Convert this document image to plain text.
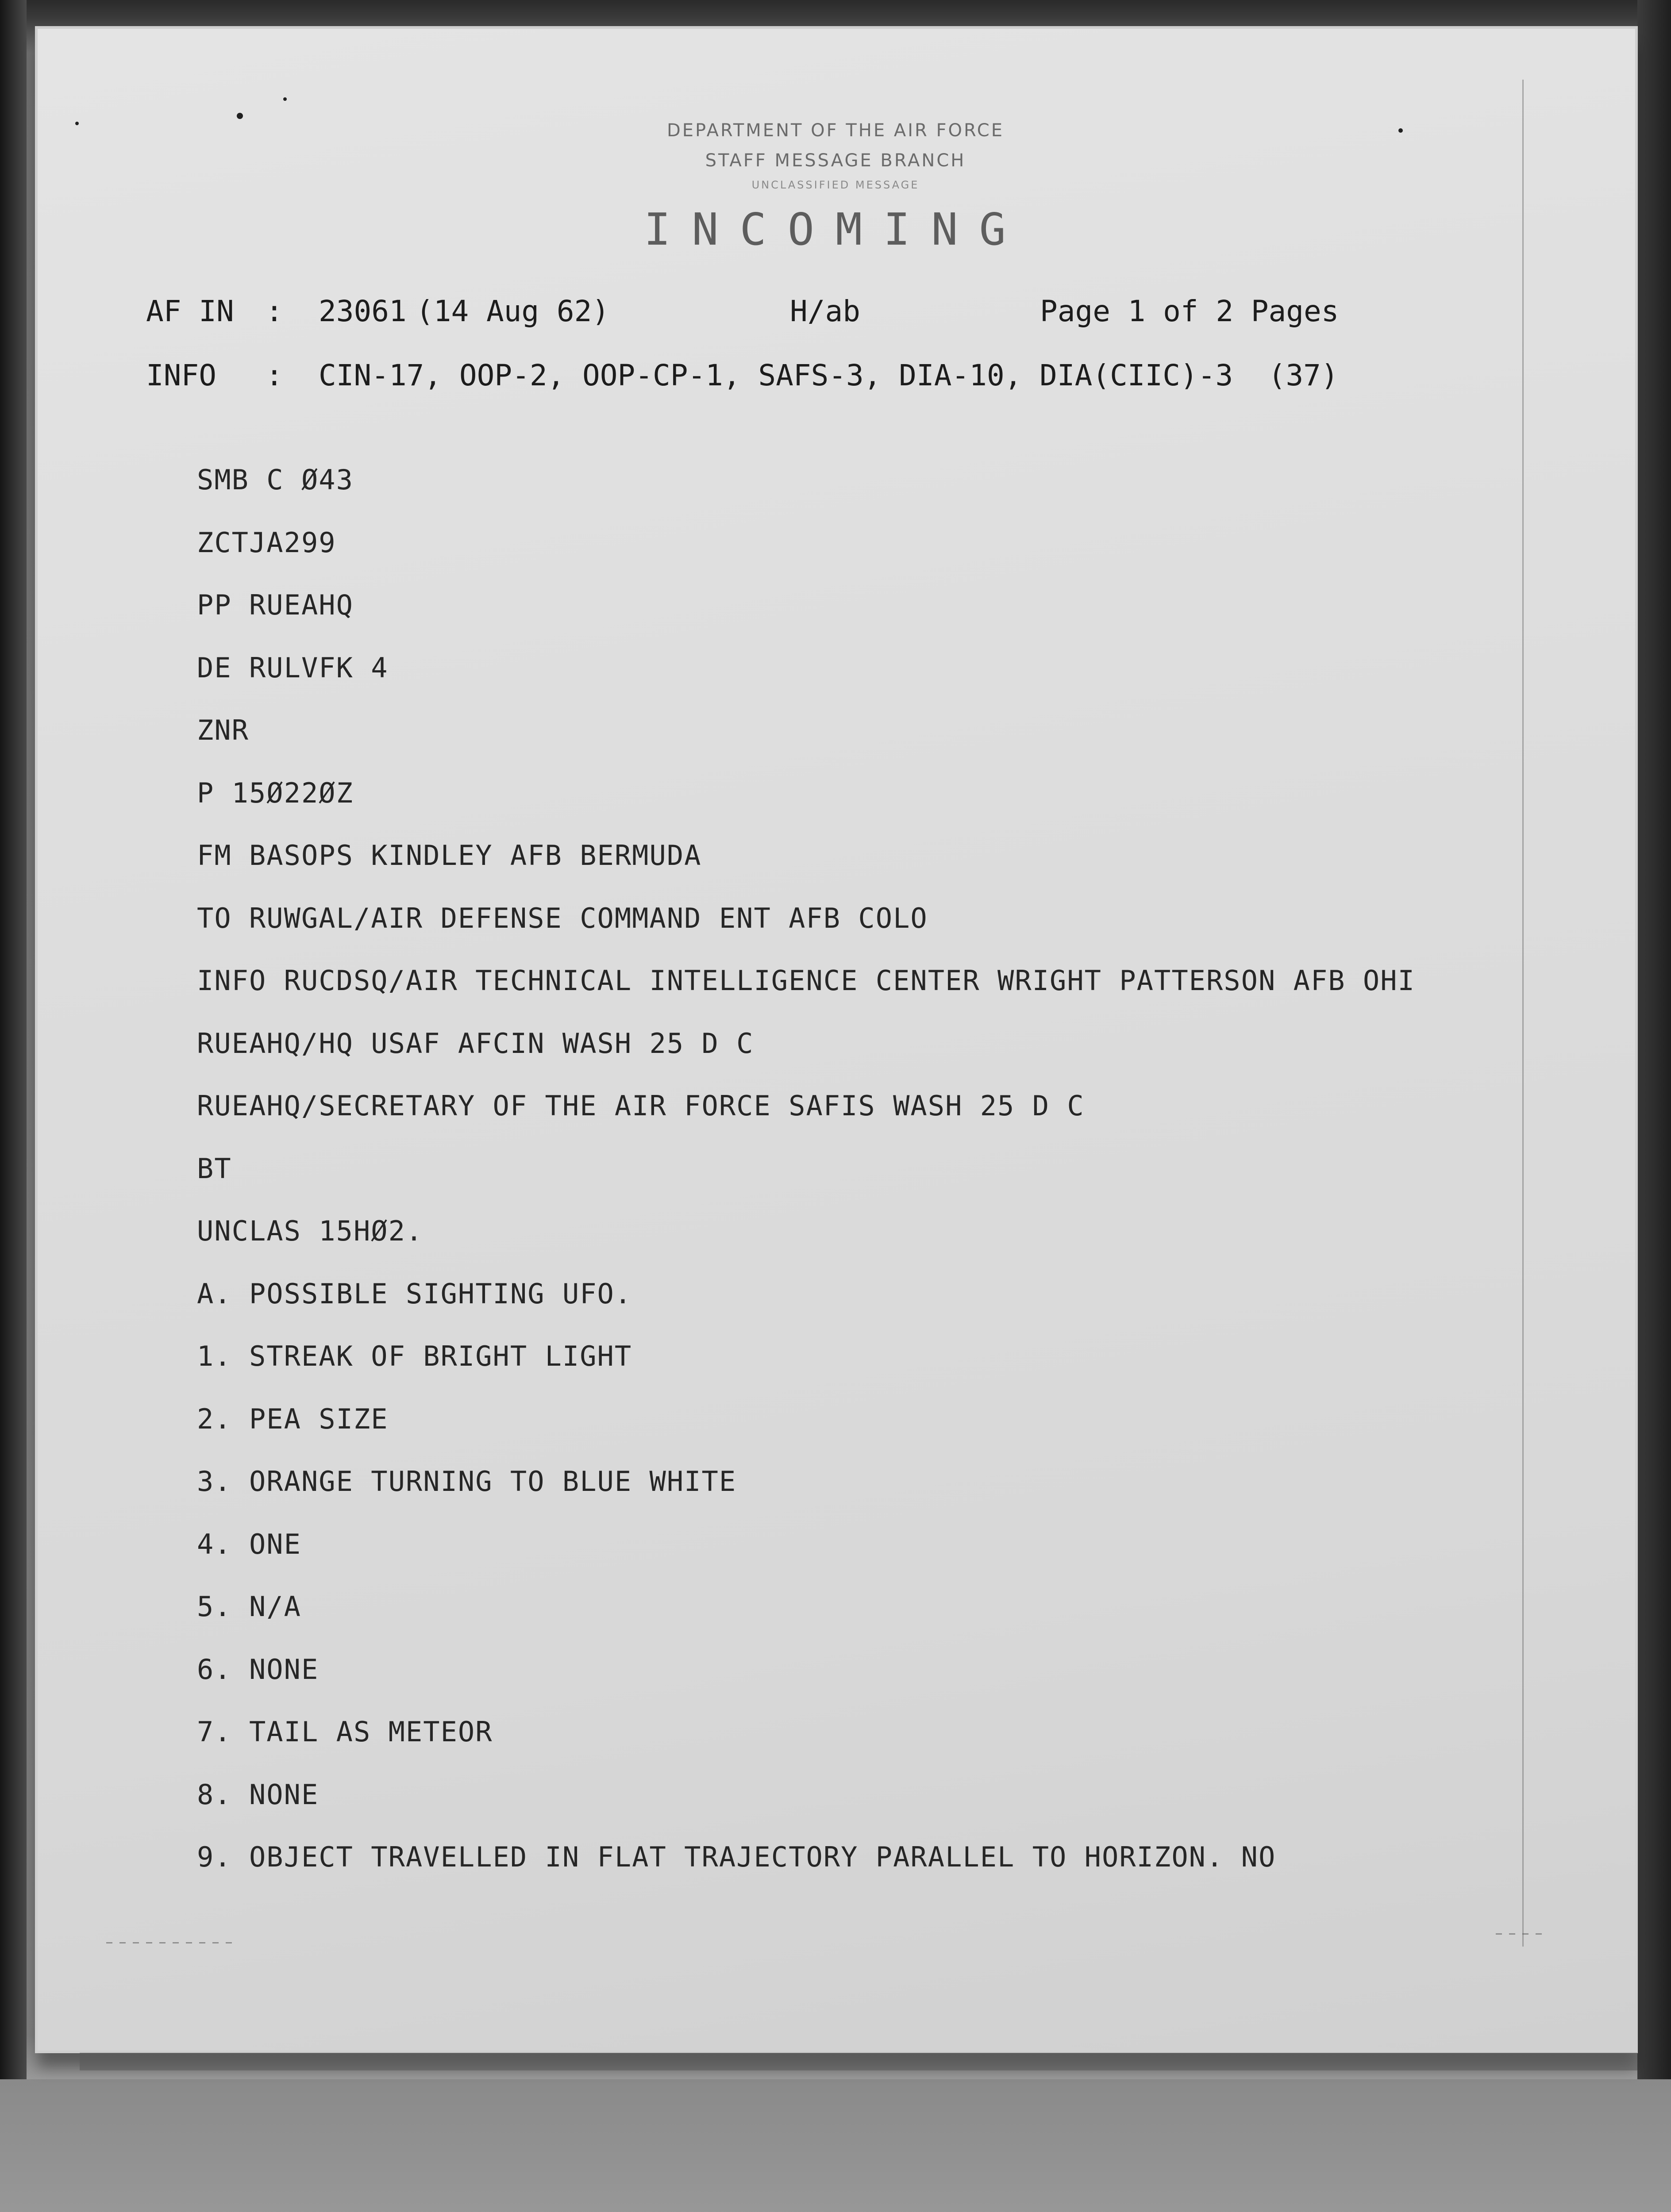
DEPARTMENT OF THE AIR FORCE
STAFF MESSAGE BRANCH
UNCLASSIFIED MESSAGE
INCOMING

AF IN

:

23061

(14 Aug 62)

	H/ab

	Page 1 of 2 Pages

INFO

:

CIN-17, OOP-2, OOP-CP-1, SAFS-3, DIA-10, DIA(CIIC)-3  (37)

SMB C Ø43
ZCTJA299
PP RUEAHQ
DE RULVFK 4
ZNR
P 15Ø22ØZ
FM BASOPS KINDLEY AFB BERMUDA
TO RUWGAL/AIR DEFENSE COMMAND ENT AFB COLO
INFO RUCDSQ/AIR TECHNICAL INTELLIGENCE CENTER WRIGHT PATTERSON AFB OHI
RUEAHQ/HQ USAF AFCIN WASH 25 D C
RUEAHQ/SECRETARY OF THE AIR FORCE SAFIS WASH 25 D C
BT
UNCLAS 15HØ2.
A. POSSIBLE SIGHTING UFO.
1. STREAK OF BRIGHT LIGHT
2. PEA SIZE
3. ORANGE TURNING TO BLUE WHITE
4. ONE
5. N/A
6. NONE
7. TAIL AS METEOR
8. NONE
9. OBJECT TRAVELLED IN FLAT TRAJECTORY PARALLEL TO HORIZON. NO
